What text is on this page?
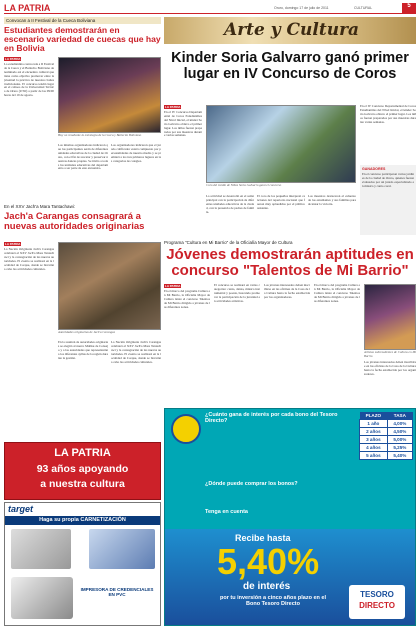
LA PATRIA	Oruro, domingo 17 de julio de 2011	CULTURAL	5
Convocan a II Festival de la Cueca Boliviana
Estudiantes demostrarán en escenario variedad de cuecas que hay en Bolivia
LA PATRIA
La estudiantina convocada a II Festival de la Cueca y el Bailecito Boliviano denominado así el encuentro cultural que tiene como objetivo promover entre la juventud la práctica de nuestros bailes tradicionales. El concurso tendrá lugar en el coliseo de la Universidad Técnica de Oruro (UTO) a partir de las 09:00 horas del 19 de agosto.
Hay un resaltante la estrategia de la Cueca y Bailecito Boliviano
Los mismos organizadores indicaron que los participantes serán de diferentes unidades educativas de la ciudad de Oruro, con el fin de rescatar y preservar nuestras danzas propias. Se invita a todas las unidades educativas del departamento a ser parte de este encuentro.
Los organizadores indicaron que el jurado calificador estará compuesto por personalidades de nuestro medio y se premiará a los tres primeros lugares en las categorías de colegios.
En el XXV Jach'a Mara Tantachawi:
Jach'a Carangas consagrará a nuevas autoridades originarias
LA PATRIA
La Nación Originaria Jach'a Carangas celebrará el XXV Jach'a Mara Tantachawi y la consagración de las nuevas autoridades. El evento se realizará en la localidad de Corque, donde se llevarán a cabo las actividades culturales.
Autoridades originarias de Jach'a Carangas
En la reunión de autoridades originarias se elegirá al nuevo Mallku de Consejo y a las autoridades que representarán a los diferentes ayllus de la región durante la gestión.
La Nación Originaria Jach'a Carangas celebrará el XXV Jach'a Mara Tantachawi y la consagración de las nuevas autoridades. El evento se realizará en la localidad de Corque, donde se llevarán a cabo las actividades culturales.
Arte y Cultura
Kinder Soria Galvarro ganó primer lugar en IV Concurso de Coros
LA PATRIA
En el IV Concurso Departamental de Coros Estudiantiles del Nivel Inicial, el kinder Soria Galvarro obtuvo el primer lugar. Los niños fueron preparados por sus maestras durante varias semanas.
Coro del Jardín de Niños Soria Galvarro ganó el concurso
La actividad se desarrolló en el salón principal con la participación de diferentes unidades educativas de la ciudad, con la presencia de padres de familia.
El coro de los pequeños interpretó canciones del repertorio nacional que fueron muy aplaudidas por el público asistente.
Los maestros destacaron el esfuerzo de los estudiantes y sus familias para alcanzar la victoria.
En el IV Concurso Departamental de Coros Estudiantiles del Nivel Inicial, el kinder Soria Galvarro obtuvo el primer lugar. Los niños fueron preparados por sus maestras durante varias semanas.
GANADORES
En el concurso participaron varios jardines de la ciudad de Oruro, quienes fueron evaluados por un jurado especializado en música y canto coral.
Programa "Cultura en Mi Barrio" de la Oficialía Mayor de Cultura
Jóvenes demostrarán aptitudes en concurso "Talentos de Mi Barrio"
LA PATRIA
En el marco del programa Cultura en Mi Barrio, la Oficialía Mayor de Cultura lanzó el concurso Talentos de Mi Barrio dirigido a jóvenes de las diferentes zonas.
El concurso se realizará en varias categorías: canto, danza, música instrumental y poesía, buscando promover la participación de la juventud en actividades artísticas.
Los jóvenes interesados deben inscribirse en las oficinas de la Casa de la Cultura hasta la fecha establecida por los organizadores.
En el marco del programa Cultura en Mi Barrio, la Oficialía Mayor de Cultura lanzó el concurso Talentos de Mi Barrio dirigido a jóvenes de las diferentes zonas.
Artistas sobresalientes de Cultura en Mi Barrio
Los jóvenes interesados deben inscribirse en las oficinas de la Casa de la Cultura hasta la fecha establecida por los organizadores.
LA PATRIA
93 años apoyando
a nuestra cultura
target
Haga su propia CARNETIZACIÓN
IMPRESORA DE CREDENCIALES EN PVC
¿Cuánto gana de interés por cada bono del Tesoro Directo?
PLAZO	TASA
1 año	4,00%
2 años	4,50%
3 años	5,00%
4 años	5,25%
5 años	5,40%
¿Dónde puede comprar los bonos?
Tenga en cuenta
Recibe hasta
5,40%
de interés
por tu inversión a cinco años plazo en el Bono Tesoro Directo
TESORO
DIRECTO
